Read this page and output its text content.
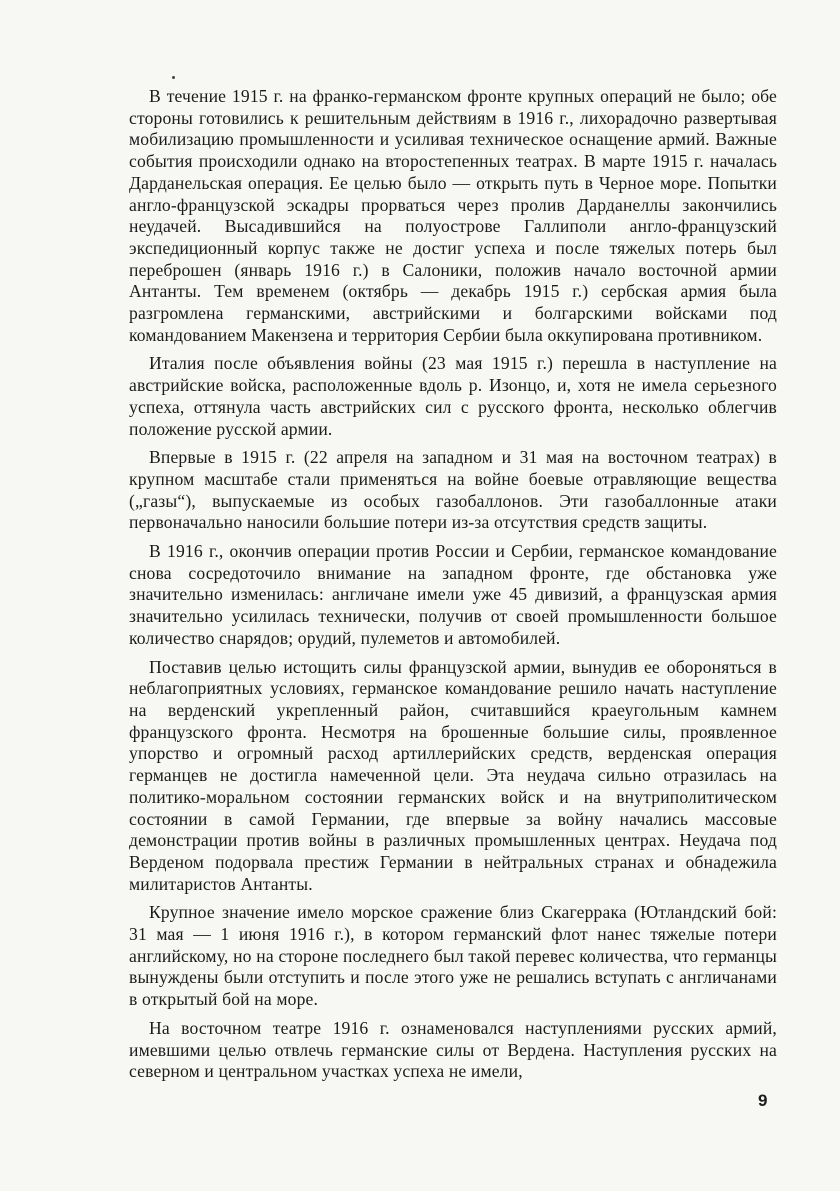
В течение 1915 г. на франко-германском фронте крупных операций не было; обе стороны готовились к решительным действиям в 1916 г., лихорадочно развертывая мобилизацию промышленности и усиливая техническое оснащение армий. Важные события происходили однако на второстепенных театрах. В марте 1915 г. началась Дарданельская операция. Ее целью было — открыть путь в Черное море. Попытки англо-французской эскадры прорваться через пролив Дарданеллы закончились неудачей. Высадившийся на полуострове Галлиполи англо-французский экспедиционный корпус также не достиг успеха и после тяжелых потерь был переброшен (январь 1916 г.) в Салоники, положив начало восточной армии Антанты. Тем временем (октябрь — декабрь 1915 г.) сербская армия была разгромлена германскими, австрийскими и болгарскими войсками под командованием Макензена и территория Сербии была оккупирована противником.

Италия после объявления войны (23 мая 1915 г.) перешла в наступление на австрийские войска, расположенные вдоль р. Изонцо, и, хотя не имела серьезного успеха, оттянула часть австрийских сил с русского фронта, несколько облегчив положение русской армии.

Впервые в 1915 г. (22 апреля на западном и 31 мая на восточном театрах) в крупном масштабе стали применяться на войне боевые отравляющие вещества („газы“), выпускаемые из особых газобаллонов. Эти газобаллонные атаки первоначально наносили большие потери из-за отсутствия средств защиты.

В 1916 г., окончив операции против России и Сербии, германское командование снова сосредоточило внимание на западном фронте, где обстановка уже значительно изменилась: англичане имели уже 45 дивизий, а французская армия значительно усилилась технически, получив от своей промышленности большое количество снарядов; орудий, пулеметов и автомобилей.

Поставив целью истощить силы французской армии, вынудив ее обороняться в неблагоприятных условиях, германское командование решило начать наступление на верденский укрепленный район, считавшийся краеугольным камнем французского фронта. Несмотря на брошенные большие силы, проявленное упорство и огромный расход артиллерийских средств, верденская операция германцев не достигла намеченной цели. Эта неудача сильно отразилась на политико-моральном состоянии германских войск и на внутриполитическом состоянии в самой Германии, где впервые за войну начались массовые демонстрации против войны в различных промышленных центрах. Неудача под Верденом подорвала престиж Германии в нейтральных странах и обнадежила милитаристов Антанты.

Крупное значение имело морское сражение близ Скагеррака (Ютландский бой: 31 мая — 1 июня 1916 г.), в котором германский флот нанес тяжелые потери английскому, но на стороне последнего был такой перевес количества, что германцы вынуждены были отступить и после этого уже не решались вступать с англичанами в открытый бой на море.

На восточном театре 1916 г. ознаменовался наступлениями русских армий, имевшими целью отвлечь германские силы от Вердена. Наступления русских на северном и центральном участках успеха не имели,

9
